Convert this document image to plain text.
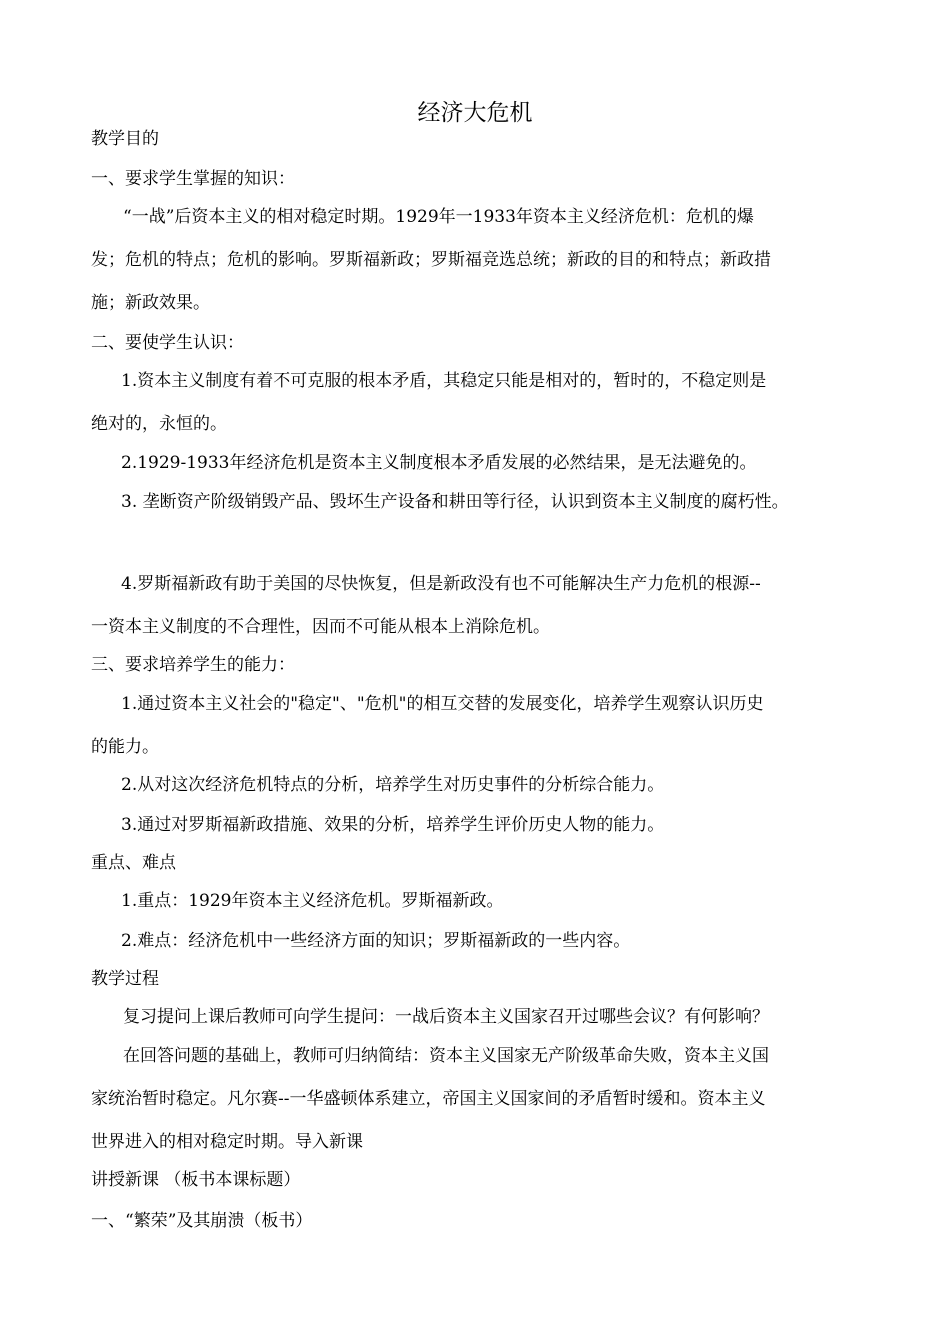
经济大危机
教学目的
一、要求学生掌握的知识：
“一战”后资本主义的相对稳定时期。1929年一1933年资本主义经济危机：危机的爆
发；危机的特点；危机的影响。罗斯福新政；罗斯福竞选总统；新政的目的和特点；新政措
施；新政效果。
二、要使学生认识：
1.资本主义制度有着不可克服的根本矛盾，其稳定只能是相对的，暂时的，不稳定则是
绝对的，永恒的。
2.1929-1933年经济危机是资本主义制度根本矛盾发展的必然结果，是无法避免的。
3. 垄断资产阶级销毁产品、毁坏生产设备和耕田等行径，认识到资本主义制度的腐朽性。
4.罗斯福新政有助于美国的尽快恢复，但是新政没有也不可能解决生产力危机的根源--
一资本主义制度的不合理性，因而不可能从根本上消除危机。
三、要求培养学生的能力：
1.通过资本主义社会的"稳定"、"危机"的相互交替的发展变化，培养学生观察认识历史
的能力。
2.从对这次经济危机特点的分析，培养学生对历史事件的分析综合能力。
3.通过对罗斯福新政措施、效果的分析，培养学生评价历史人物的能力。
重点、难点
1.重点：1929年资本主义经济危机。罗斯福新政。
2.难点：经济危机中一些经济方面的知识；罗斯福新政的一些内容。
教学过程
复习提问上课后教师可向学生提问：一战后资本主义国家召开过哪些会议？有何影响？
在回答问题的基础上，教师可归纳简结：资本主义国家无产阶级革命失败，资本主义国
家统治暂时稳定。凡尔赛--一华盛顿体系建立，帝国主义国家间的矛盾暂时缓和。资本主义
世界进入的相对稳定时期。导入新课
讲授新课 （板书本课标题）
一、“繁荣”及其崩溃（板书）
